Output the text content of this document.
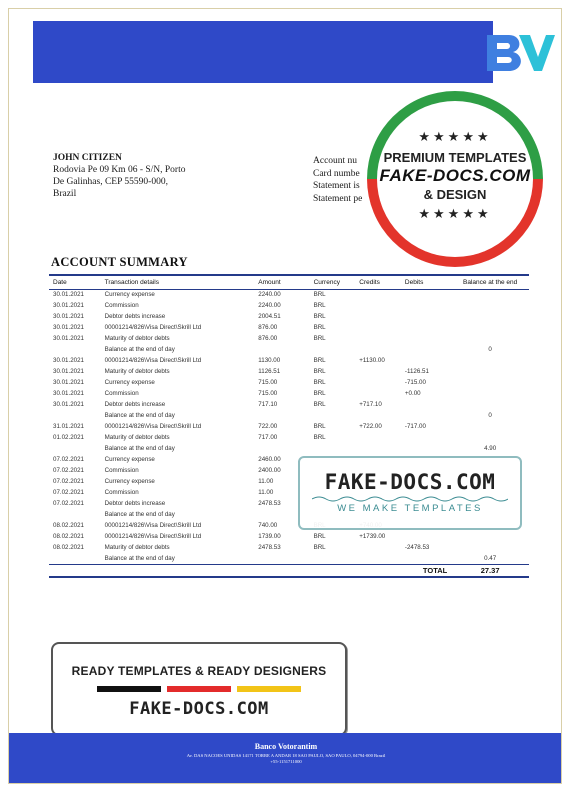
JOHN CITIZEN
Rodovia Pe 09 Km 06 - S/N, Porto
De Galinhas, CEP 55590-000,
Brazil
Account nu
Card numbe
Statement is
Statement pe
★★★★★
PREMIUM TEMPLATES
FAKE-DOCS.COM
& DESIGN
★★★★★
ACCOUNT SUMMARY
Date	Transaction details	Amount	Currency	Credits	Debits	Balance at the end
30.01.2021	Currency expense	2240.00	BRL			
30.01.2021	Commission	2240.00	BRL			
30.01.2021	Debtor debts increase	2004.51	BRL			
30.01.2021	00001214/826\Visa Direct\Skrill Ltd	876.00	BRL			
30.01.2021	Maturity of debtor debts	876.00	BRL			
	Balance at the end of day					0
30.01.2021	00001214/826\Visa Direct\Skrill Ltd	1130.00	BRL	+1130.00		
30.01.2021	Maturity of debtor debts	1126.51	BRL		-1126.51	
30.01.2021	Currency expense	715.00	BRL		-715.00	
30.01.2021	Commission	715.00	BRL		+0.00	
30.01.2021	Debtor debts increase	717.10	BRL	+717.10		
	Balance at the end of day					0
31.01.2021	00001214/826\Visa Direct\Skrill Ltd	722.00	BRL	+722.00	-717.00	
01.02.2021	Maturity of debtor debts	717.00	BRL			
	Balance at the end of day					4.90
07.02.2021	Currency expense	2460.00				
07.02.2021	Commission	2400.00				
07.02.2021	Currency expense	11.00				
07.02.2021	Commission	11.00				
07.02.2021	Debtor debts increase	2478.53				
	Balance at the end of day					
08.02.2021	00001214/826\Visa Direct\Skrill Ltd	740.00				
08.02.2021	00001214/826\Visa Direct\Skrill Ltd	1739.00	BRL	+1739.00		
08.02.2021	Maturity of debtor debts	2478.53	BRL		-2478.53	
	Balance at the end of day					0.47
					TOTAL	27.37
FAKE-DOCS.COM
WE MAKE TEMPLATES
READY TEMPLATES & READY DESIGNERS
FAKE-DOCS.COM
Banco Votorantim
Av. DAS NACOES UNIDAS 14171 TORRE A ANDAR 18 SAO PAULO, SAO PAULO, 04794-000 Brazil
+55-1151711000
